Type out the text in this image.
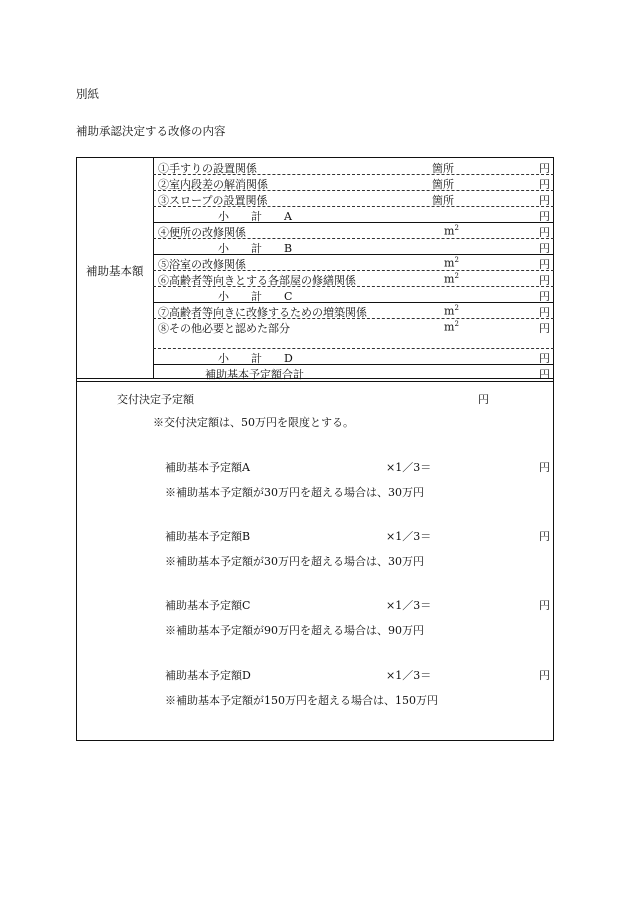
別紙
補助承認決定する改修の内容
補助基本額
①手すりの設置関係	箇所	円
②室内段差の解消関係	箇所	円
③スロープの設置関係	箇所	円
小　　計　　A	円
④便所の改修関係	$m^2$	円
小　　計　　B	円
⑤浴室の改修関係	$m^2$	円
⑥高齢者等向きとする各部屋の修繕関係	$m^2$	円
小　　計　　C	円
⑦高齢者等向きに改修するための増築関係	$m^2$	円
⑧その他必要と認めた部分	$m^2$	円
小　　計　　D	円
補助基本予定額合計	円
交付決定予定額	円
※交付決定額は、50万円を限度とする。
補助基本予定額A	×1／3＝	円
※補助基本予定額が30万円を超える場合は、30万円
補助基本予定額B	×1／3＝	円
※補助基本予定額が30万円を超える場合は、30万円
補助基本予定額C	×1／3＝	円
※補助基本予定額が90万円を超える場合は、90万円
補助基本予定額D	×1／3＝	円
※補助基本予定額が150万円を超える場合は、150万円
